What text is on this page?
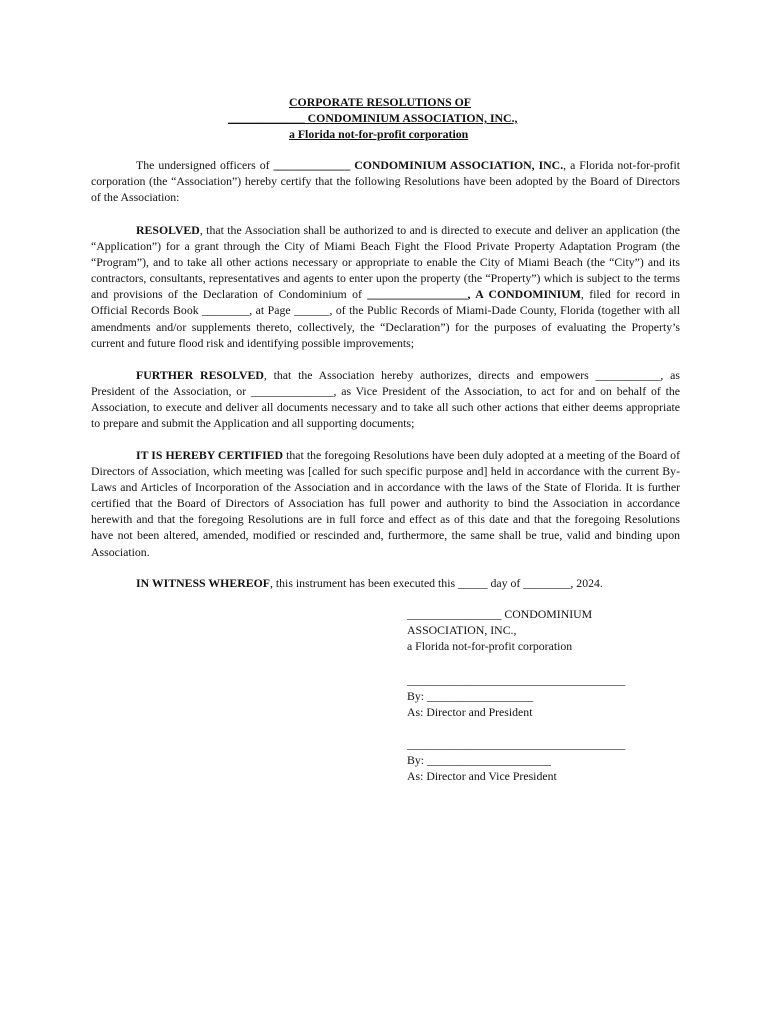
CORPORATE RESOLUTIONS OF
_____________ CONDOMINIUM ASSOCIATION, INC.,
a Florida not-for-profit corporation

The undersigned officers of _____________ CONDOMINIUM ASSOCIATION, INC., a Florida not-for-profit corporation (the “Association”) hereby certify that the following Resolutions have been adopted by the Board of Directors of the Association:

RESOLVED, that the Association shall be authorized to and is directed to execute and deliver an application (the “Application”) for a grant through the City of Miami Beach Fight the Flood Private Property Adaptation Program (the “Program”), and to take all other actions necessary or appropriate to enable the City of Miami Beach (the “City”) and its contractors, consultants, representatives and agents to enter upon the property (the “Property”) which is subject to the terms and provisions of the Declaration of Condominium of _________________, A CONDOMINIUM, filed for record in Official Records Book ________, at Page ______, of the Public Records of Miami-Dade County, Florida (together with all amendments and/or supplements thereto, collectively, the “Declaration”) for the purposes of evaluating the Property’s current and future flood risk and identifying possible improvements;

FURTHER RESOLVED, that the Association hereby authorizes, directs and empowers ___________, as President of the Association, or ______________, as Vice President of the Association, to act for and on behalf of the Association, to execute and deliver all documents necessary and to take all such other actions that either deems appropriate to prepare and submit the Application and all supporting documents;

IT IS HEREBY CERTIFIED that the foregoing Resolutions have been duly adopted at a meeting of the Board of Directors of Association, which meeting was [called for such specific purpose and] held in accordance with the current By-Laws and Articles of Incorporation of the Association and in accordance with the laws of the State of Florida. It is further certified that the Board of Directors of Association has full power and authority to bind the Association in accordance herewith and that the foregoing Resolutions are in full force and effect as of this date and that the foregoing Resolutions have not been altered, amended, modified or rescinded and, furthermore, the same shall be true, valid and binding upon Association.

IN WITNESS WHEREOF, this instrument has been executed this _____ day of ________, 2024.

________________ CONDOMINIUM
ASSOCIATION, INC.,
a Florida not-for-profit corporation
_____________________________________
By: __________________
As: Director and President
_____________________________________
By: _____________________
As: Director and Vice President
